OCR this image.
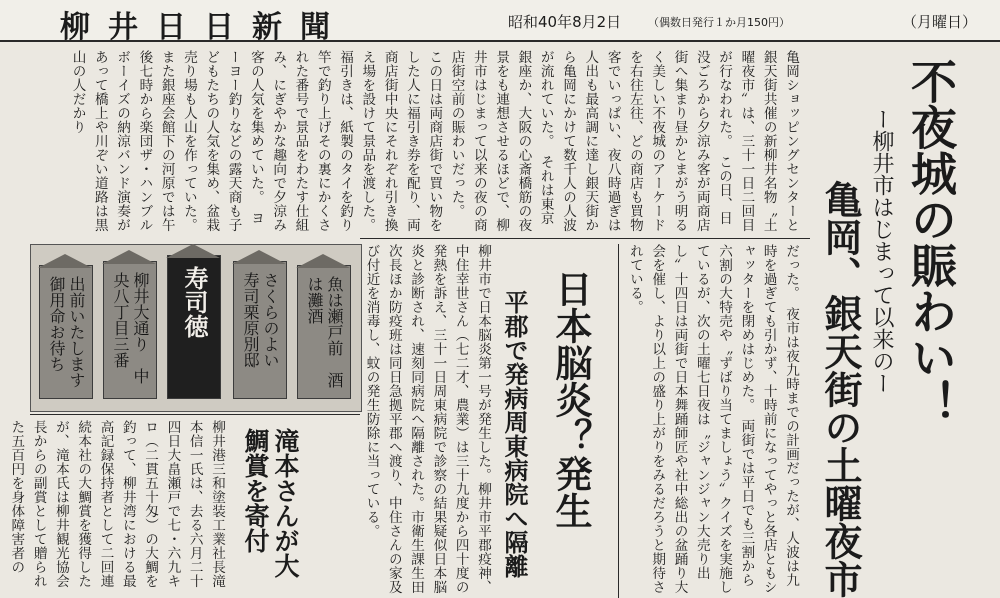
柳井日日新聞	昭和40年8月2日 （偶数日発行１か月150円）	（月曜日）
不夜城の賑わい！
ー柳井市はじまって以来のー
亀岡、銀天街の土曜夜市
亀岡ショッピングセンターと銀天街共催の新柳井名物〝土曜夜市〟は、三十一日二回目が行なわれた。　この日、日没ごろから夕涼み客が両商店街へ集まり昼かとまがう明るく美しい不夜城のアーケードを右往左往、どの商店も買物客でいっぱい、夜八時過ぎは人出も最高調に達し銀天街から亀岡にかけて数千人の人波が流れていた。　それは東京銀座か、大阪の心斎橋筋の夜景をも連想させるほどで、柳井市はじまって以来の夜の商店街空前の賑わいだった。　この日は両商店街で買い物をした人に福引き券を配り、両商店街中央にそれぞれ引き換え場を設けて景品を渡した。福引きは、紙製のタイを釣り竿で釣り上げその裏にかくされた番号で景品をわたす仕組み、にぎやかな趣向で夕涼み客の人気を集めていた。　ヨーヨー釣りなどの露天商も子どもたちの人気を集め、盆栽売り場も人山を作っていた。　また銀座会館下の河原では午後七時から楽団ザ・ハンブルボーイズの納涼バンド演奏があって橋上や川ぞい道路は黒山の人だかり
だった。　夜市は夜九時までの計画だったが、人波は九時を過ぎても引かず、十時前になってやっと各店ともシャッターを閉めはじめた。　両街では平日でも三割から六割の大特売や〝ずばり当てましょう〟クイズを実施しているが、次の土曜七日夜は〝ジャンジャン大売り出し〟十四日は両街で日本舞踊師匠や社中総出の盆踊り大会を催し、より以上の盛り上がりをみるだろうと期待されている。
日本脳炎？発生
平郡で発病周東病院へ隔離
柳井市で日本脳炎第一号が発生した。柳井市平郡疫神、中住幸世さん（七二才、農業）は三十九度から四十度の発熱を訴え、三十一日周東病院で診察の結果疑似日本脳炎と診断され、速刻同病院へ隔離された。市衛生課生田次長ほか防疫班は同日急拠平郡へ渡り、中住さんの家及び付近を消毒し、蚊の発生防除に当っている。
滝本さんが大鯛賞を寄付
柳井港三和塗装工業社長滝本信一氏は、去る六月二十四日大畠瀬戸で七・六九キロ（二貫五十匁）の大鯛を釣って、柳井湾における最高記録保持者として二回連続本社の大鯛賞を獲得したが、滝本氏は柳井観光協会長からの副賞として贈られた五百円を身体障害者の
魚は瀬戸前　酒は灘酒
さくらのよい　寿司栗原別邸
寿司徳
柳井大通り　中央八丁目三番
出前いたします　御用命お待ち
